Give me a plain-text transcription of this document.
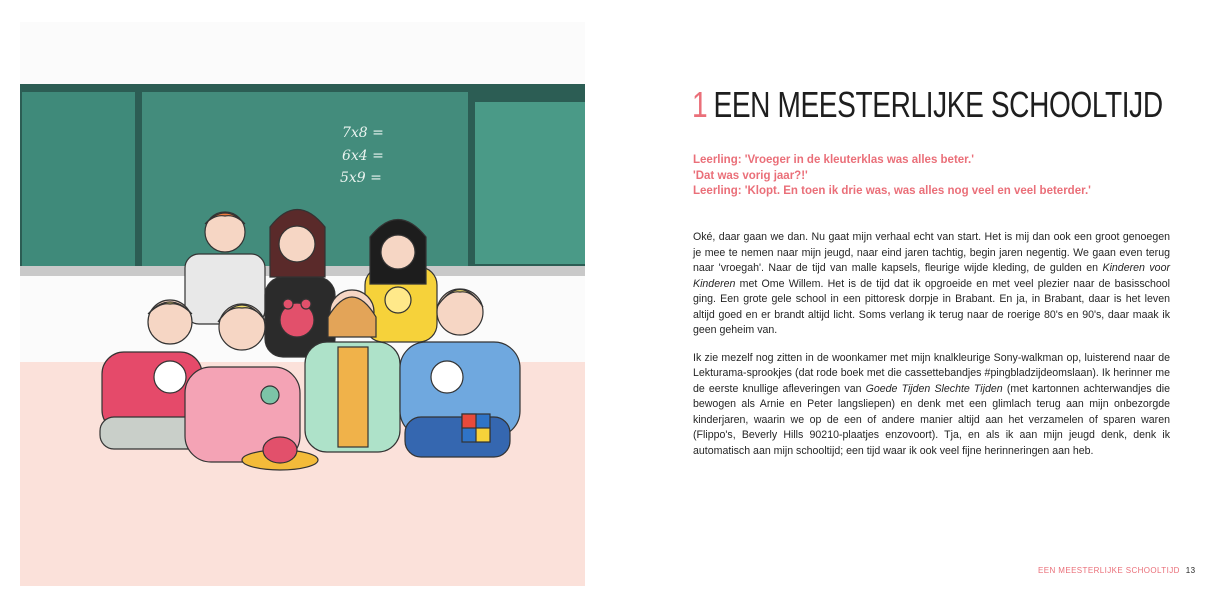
7x8 =
6x4 =
5x9 =
1 EEN MEESTERLIJKE SCHOOLTIJD
Leerling: 'Vroeger in de kleuterklas was alles beter.'
'Dat was vorig jaar?!'
Leerling: 'Klopt. En toen ik drie was, was alles nog veel en veel beterder.'

Oké, daar gaan we dan. Nu gaat mijn verhaal echt van start. Het is mij dan ook een groot genoegen je mee te nemen naar mijn jeugd, naar eind jaren tachtig, begin jaren negentig. We gaan even terug naar 'vroegah'. Naar de tijd van malle kapsels, fleurige wijde kleding, de gulden en Kinderen voor Kinderen met Ome Willem. Het is de tijd dat ik opgroeide en met veel plezier naar de basisschool ging. Een grote gele school in een pittoresk dorpje in Brabant. En ja, in Brabant, daar is het leven altijd goed en er brandt altijd licht. Soms verlang ik terug naar de roerige 80's en 90's, daar maak ik geen geheim van.

Ik zie mezelf nog zitten in de woonkamer met mijn knalkleurige Sony-walkman op, luisterend naar de Lekturama-sprookjes (dat rode boek met die cassettebandjes #pingbladzijdeomslaan). Ik herinner me de eerste knullige afleveringen van Goede Tijden Slechte Tijden (met kartonnen achterwandjes die bewogen als Arnie en Peter langsliepen) en denk met een glimlach terug aan mijn onbezorgde kinderjaren, waarin we op de een of andere manier altijd aan het verzamelen of sparen waren (Flippo's, Beverly Hills 90210-plaatjes enzovoort). Tja, en als ik aan mijn jeugd denk, denk ik automatisch aan mijn schooltijd; een tijd waar ik ook veel fijne herinneringen aan heb.

EEN MEESTERLIJKE SCHOOLTIJD 13
